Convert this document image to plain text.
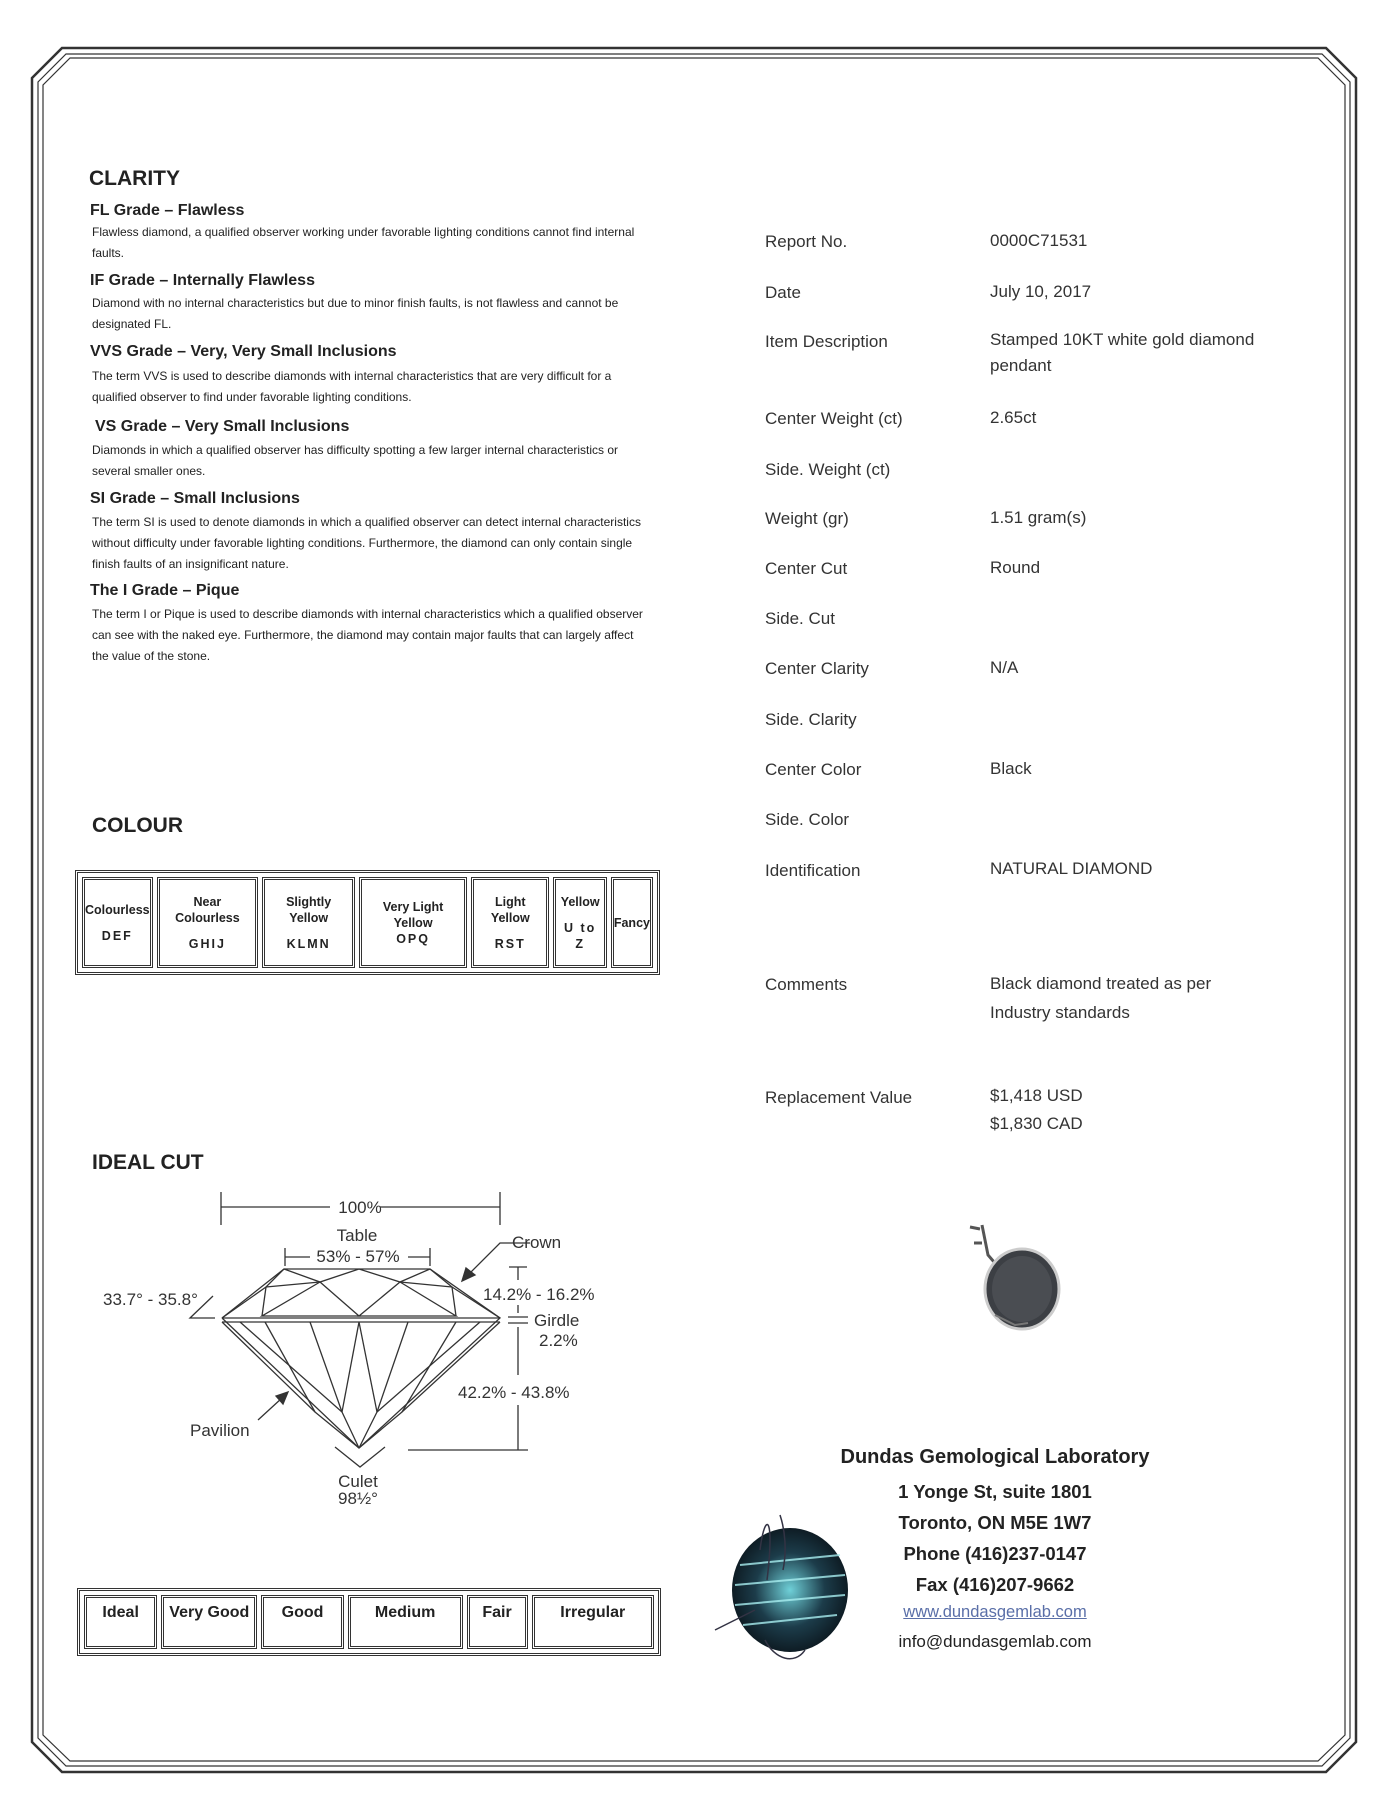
CLARITY

FL Grade – Flawless

Flawless diamond, a qualified observer working under favorable lighting conditions cannot find internal faults.

IF Grade – Internally Flawless

Diamond with no internal characteristics but due to minor finish faults, is not flawless and cannot be designated FL.

VVS Grade – Very, Very Small Inclusions

The term VVS is used to describe diamonds with internal characteristics that are very difficult for a qualified observer to find under favorable lighting conditions.

VS Grade – Very Small Inclusions

Diamonds in which a qualified observer has difficulty spotting a few larger internal characteristics or several smaller ones.

SI Grade – Small Inclusions

The term SI is used to denote diamonds in which a qualified observer can detect internal characteristics without difficulty under favorable lighting conditions. Furthermore, the diamond can only contain single finish faults of an insignificant nature.

The I Grade – Pique

The term I or Pique is used to describe diamonds with internal characteristics which a qualified observer can see with the naked eye. Furthermore, the diamond may contain major faults that can largely affect the value of the stone.

COLOUR
Colourless
DEF
	Near Colourless
GHIJ
	Slightly Yellow
KLMN
	Very Light Yellow
OPQ
	Light Yellow
RST
	Yellow
U to Z
	Fancy
IDEAL CUT
100%
Table
53% - 57%
Crown
33.7° - 35.8°	14.2% - 16.2%
Girdle
2.2%
42.2% - 43.8%
Pavilion
Culet
98½°
Ideal	Very Good	Good	Medium	Fair	Irregular
Report No.	0000C71531
Date	July 10, 2017
Item Description	Stamped 10KT white gold diamond pendant
Center Weight (ct)	2.65ct
Side. Weight (ct)
Weight (gr)	1.51 gram(s)
Center Cut	Round
Side. Cut
Center Clarity	N/A
Side. Clarity
Center Color	Black
Side. Color
Identification	NATURAL DIAMOND
Comments	Black diamond treated as per Industry standards
Replacement Value	$1,418 USD
$1,830 CAD
Dundas Gemological Laboratory
1 Yonge St, suite 1801
Toronto, ON M5E 1W7
Phone (416)237-0147
Fax (416)207-9662
www.dundasgemlab.com
info@dundasgemlab.com
